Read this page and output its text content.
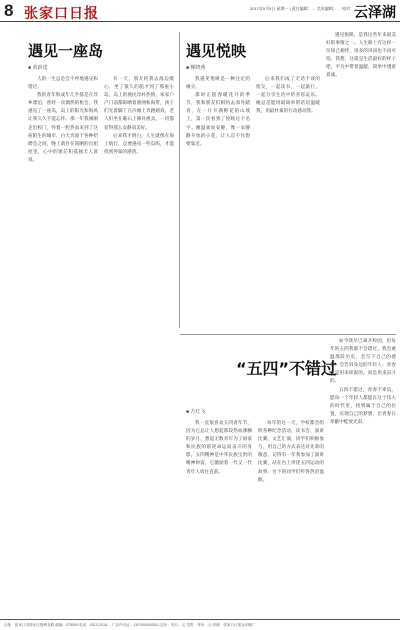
8 张家口日报	2017年5月5日 星期一 | 责任编辑：… 美术编辑：… 校对：…
云泽湖
遇见一座岛
■ 黄新建

人的一生总是会不停地遇见和错过。

我的青年和成年几乎都是在异乡漂泊，曾经一次偶然的机会，我遇见了一座岛，岛上的阳光和海风让我久久不能忘怀。那一年我刚刚走出校门，怀着一腔热血来到了这座陌生的城市，白天奔波于各种招聘会之间，晚上就住在简陋的出租屋里，心中的迷茫和孤独无人诉说。

有一天，朋友约我去海边散心，坐了很久的船才到了那座小岛。岛上的渔民淳朴热情，家家户户门前都晾晒着渔网和海带，孩子们光着脚丫在沙滩上奔跑嬉戏，老人们坐在礁石上修补渔具，一切都显得那么安静而美好。

后来我才明白，人生就像在海上航行，总要遇见一些岛屿，才能找到停靠的港湾。

遇见悦映
■ 柳晓燕

我遇见悦映是一种注定的缘分。

那时正值春暖花开的季节，我和朋友们相约去郊外踏青，在一片开满野花的山坡上，第一次看到了悦映这个名字。她温柔而安静，像一朵静静开放的小花，让人忍不住想要靠近。

后来我们成了无话不谈的朋友，一起读书，一起旅行，一起分享生活中的喜怒哀乐。她总是能用最简单的话语温暖我，用最朴素的行动感动我。

遇见悦映，是我这些年来最美好的事情之一。人生路上有这样一位知己相伴，再多的风雨也不再可怕。我想，这就是生活最好的样子吧，平凡中带着温暖，简单中透着真诚。

“五四”不错过
■ 方红飞

我一直很喜欢五四青年节，因为它总让人想起那段热血沸腾的岁月，想起无数青年为了国家和民族的前途命运而奋斗的身影。五四精神是中华民族宝贵的精神财富，它激励着一代又一代青年人勇往直前。

每年的这一天，学校都会组织各种纪念活动，读书会、演讲比赛、文艺汇演，同学们积极参与，用自己的方式表达对先辈的敬意。记得有一年我参加了演讲比赛，站在台上讲述五四运动的故事，台下的同学们听得热泪盈眶。

如今我早已离开校园，但每年的五四我都不会错过。我会重温那段历史，会写下自己的感想，会告诉身边的年轻人：青春不是用来挥霍的，而是用来奋斗的。

五四不错过，青春不辜负。愿每一个年轻人都能在这个伟大的时代里，找到属于自己的位置，实现自己的梦想，让青春在奉献中绽放光彩。

社址：张家口市桥东区胜利北路 邮编：075000 电话：0313-2015… 广告许可证：1307004000001 定价：每月…元 零售：每份…元 印刷：张家口日报社印刷厂
